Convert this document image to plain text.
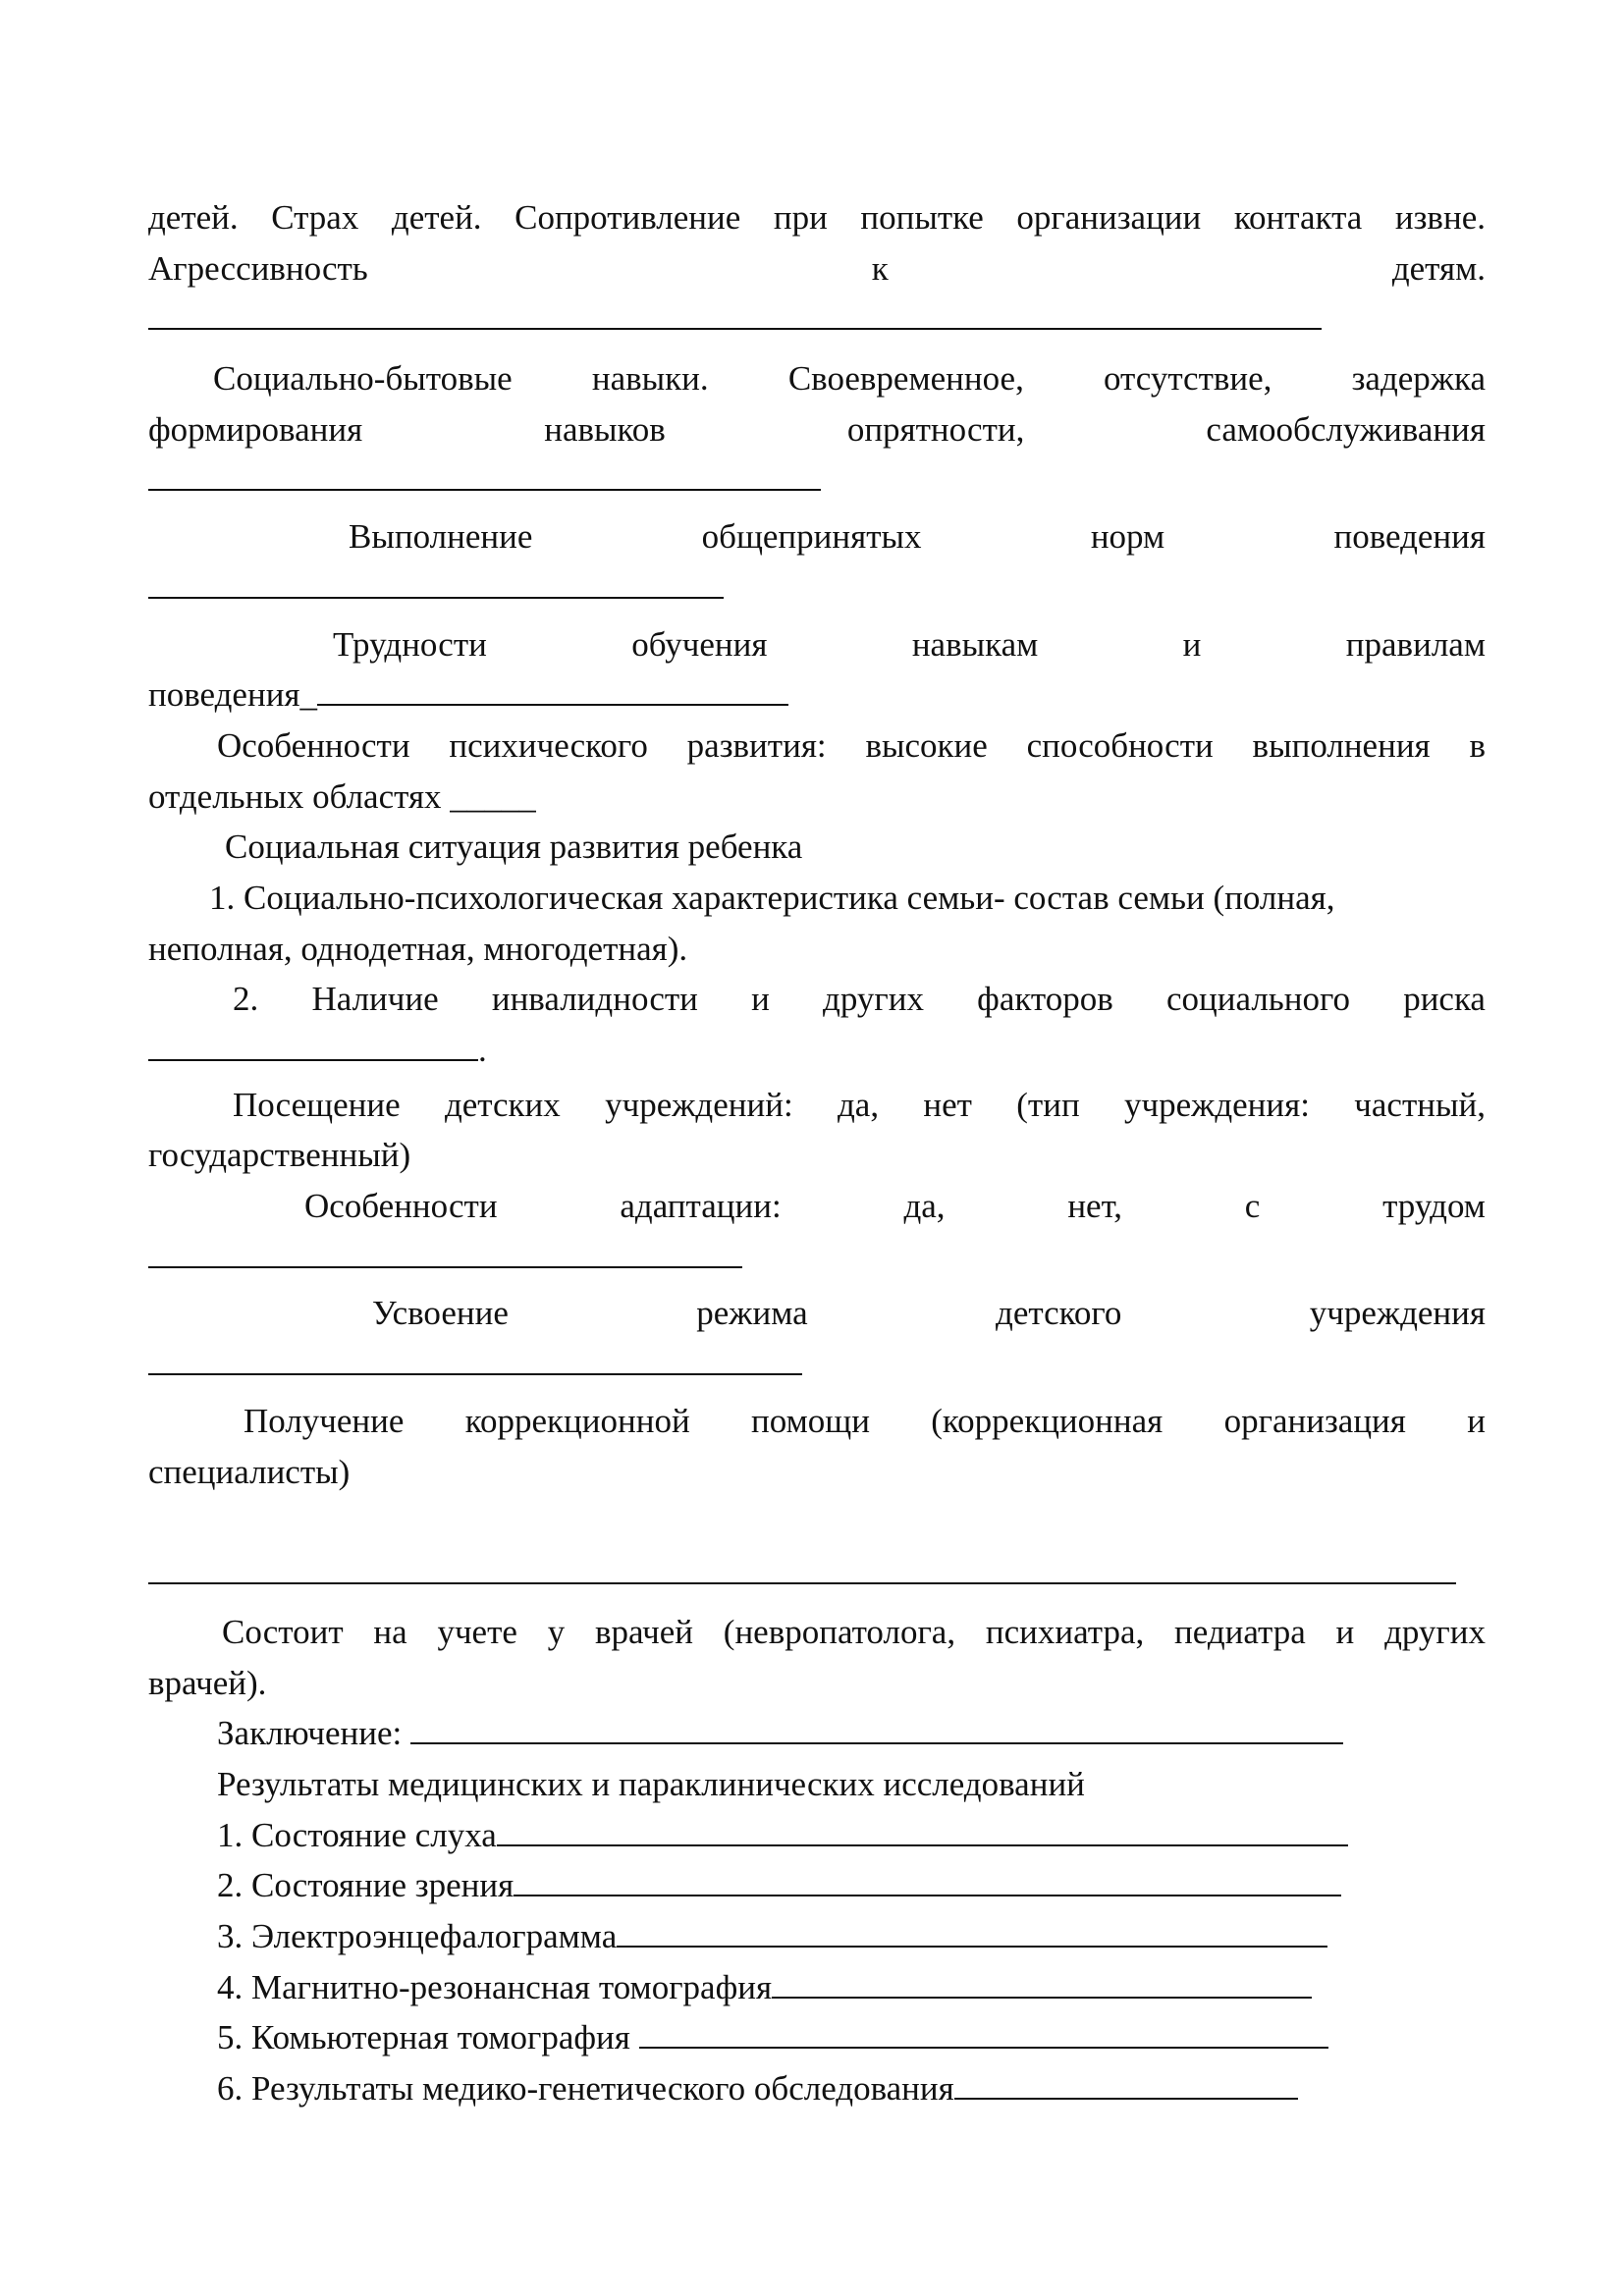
детей. Страх детей. Сопротивление при попытке организации контакта извне.
Агрессивность	к	детям.
Социально-бытовые навыки. Своевременное, отсутствие, задержка
формирования	навыков	опрятности,	самообслуживания
Выполнение	общепринятых	норм	поведения
Трудности	обучения	навыкам	и	правилам
поведения_
Особенности психического развития: высокие способности выполнения в
отдельных областях _____
Социальная ситуация развития ребенка
1. Социально-психологическая характеристика семьи- состав семьи (полная,
неполная, однодетная, многодетная).
2. Наличие инвалидности и других факторов социального риска
.
Посещение детских учреждений: да, нет (тип учреждения: частный,
государственный)
Особенности	адаптации:	да,	нет,	с	трудом
Усвоение	режима	детского	учреждения
Получение коррекционной помощи (коррекционная организация и
специалисты)
Состоит на учете у врачей (невропатолога, психиатра, педиатра и других
врачей).
Заключение:
Результаты медицинских и параклинических исследований
1. Состояние слуха
2. Состояние зрения
3. Электроэнцефалограмма
4. Магнитно-резонансная томография
5. Комьютерная томография
6. Результаты медико-генетического обследования
